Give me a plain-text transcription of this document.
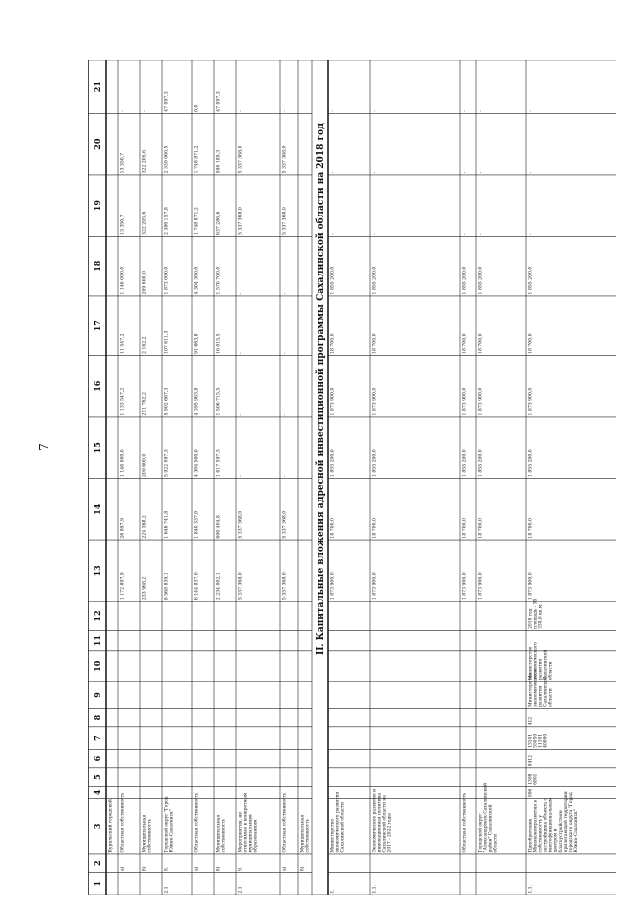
7
1
2
3
4
5
6
7
8
9
10
11
12
13
14
15
16
17
18
19
20
21
Курильский городской
а)
Областная собственность
1 172 897,9
26 897,9
1 146 000,0
1 133 547,2
11 547,2
1 146 000,0
13 350,7
13 350,7
-
б)
Муниципальнаясобственность
233 968,2
224 368,2
209 600,0
211 762,2
2 162,2
209 600,0
322 205,6
322 205,6
-
2.1
8.
Городской округ "ГородЮжно-Сахалинск"
8 568 839,1
1 646 741,8
5 922 097,3
5 902 667,3
107 611,3
1 873 000,0
2 386 157,8
2 339 060,5
47 097,3
а)
Областная собственность
6 144 837,0
1 840 337,0
4 304 500,0
4 395 963,8
91 663,8
4 304 300,0
1 748 871,2
1 748 871,2
0,0
б)
Муниципальнаясобственность
2 234 002,1
606 404,8
1 617 597,3
1 506 715,5
16 015,5
1 570 700,0
637 286,6
590 189,3
47 097,3
2.1
9.
Мероприятия, неотносимые к конкретныммуниципальнымобразованиям
5 337 368,0
5 337 368,0
-
-
-
-
5 337 368,0
5 337 368,0
-
а)
Областная собственность
5 337 368,0
5 337 368,0
-
-
-
-
5 337 368,0
5 337 368,0
-
б)
Муниципальнаясобственность
1.
Министерствоэкономического развитияСахалинской области
1 873 900,0
18 700,0
1 855 200,0
1 873 900,0
18 700,0
1 855 200,0
-
-
-
1.1.
Экономическое развитие иинновационная политикаСахалинской области на2017 - 2022 годы
1 873 900,0
18 700,0
1 855 200,0
1 873 900,0
18 700,0
1 855 200,0
-
-
-
Областная собственность
1 873 900,0
18 700,0
1 855 200,0
1 873 900,0
18 700,0
1 855 200,0
-
-
-
Городской округ"Александровск-Сахалинскийрайон" Сахалинскойобласти
1 873 900,0
18 700,0
1 855 200,0
1 873 900,0
18 700,0
1 855 200,0
-
-
-
1.1.
ПриобретениеМинэкономразвития всобственность узастройщика объекта смногофункциональнымцентром иблагоустройствомприлегающей территориигородского округа "ГородЮжно-Сахалинск"
006
13086801
0412
13101550501110140090
412
МинистерствоэкономическогоразвитияСахалинскойобласти
МинистерствоэкономическогоразвитияСахалинскойобласти
2018 годплощадь - 38338,6 кв.м.
1 873 900,0
18 700,0
1 855 200,0
1 873 900,0
18 700,0
1 855 200,0
-
-
-
II. Капитальные вложения адресной инвестиционной программы Сахалинской области на 2018 год
